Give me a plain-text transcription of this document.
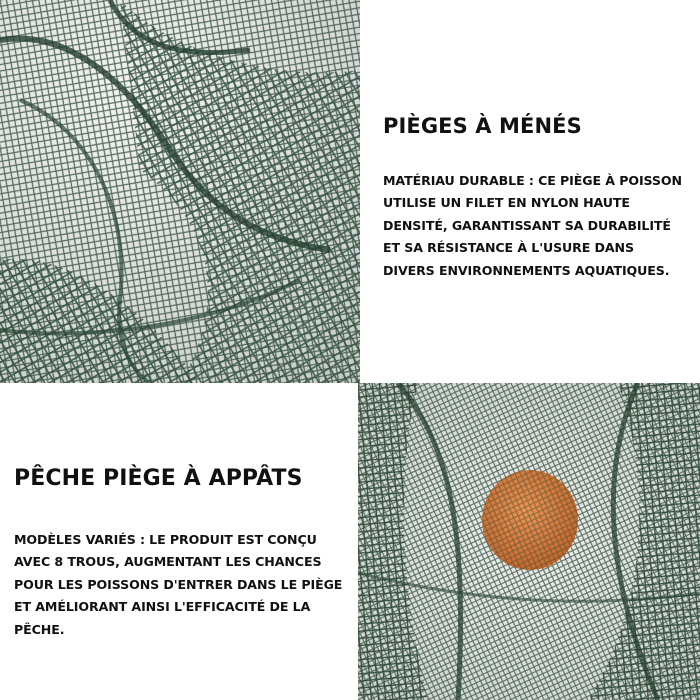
PIÈGES À MÉNÉS

MATÉRIAU DURABLE : CE PIÈGE À POISSON UTILISE UN FILET EN NYLON HAUTE DENSITÉ, GARANTISSANT SA DURABILITÉ ET SA RÉSISTANCE À L'USURE DANS DIVERS ENVIRONNEMENTS AQUATIQUES.

PÊCHE PIÈGE À APPÂTS

MODÈLES VARIÉS : LE PRODUIT EST CONÇU AVEC 8 TROUS, AUGMENTANT LES CHANCES POUR LES POISSONS D'ENTRER DANS LE PIÈGE ET AMÉLIORANT AINSI L'EFFICACITÉ DE LA PÊCHE.
